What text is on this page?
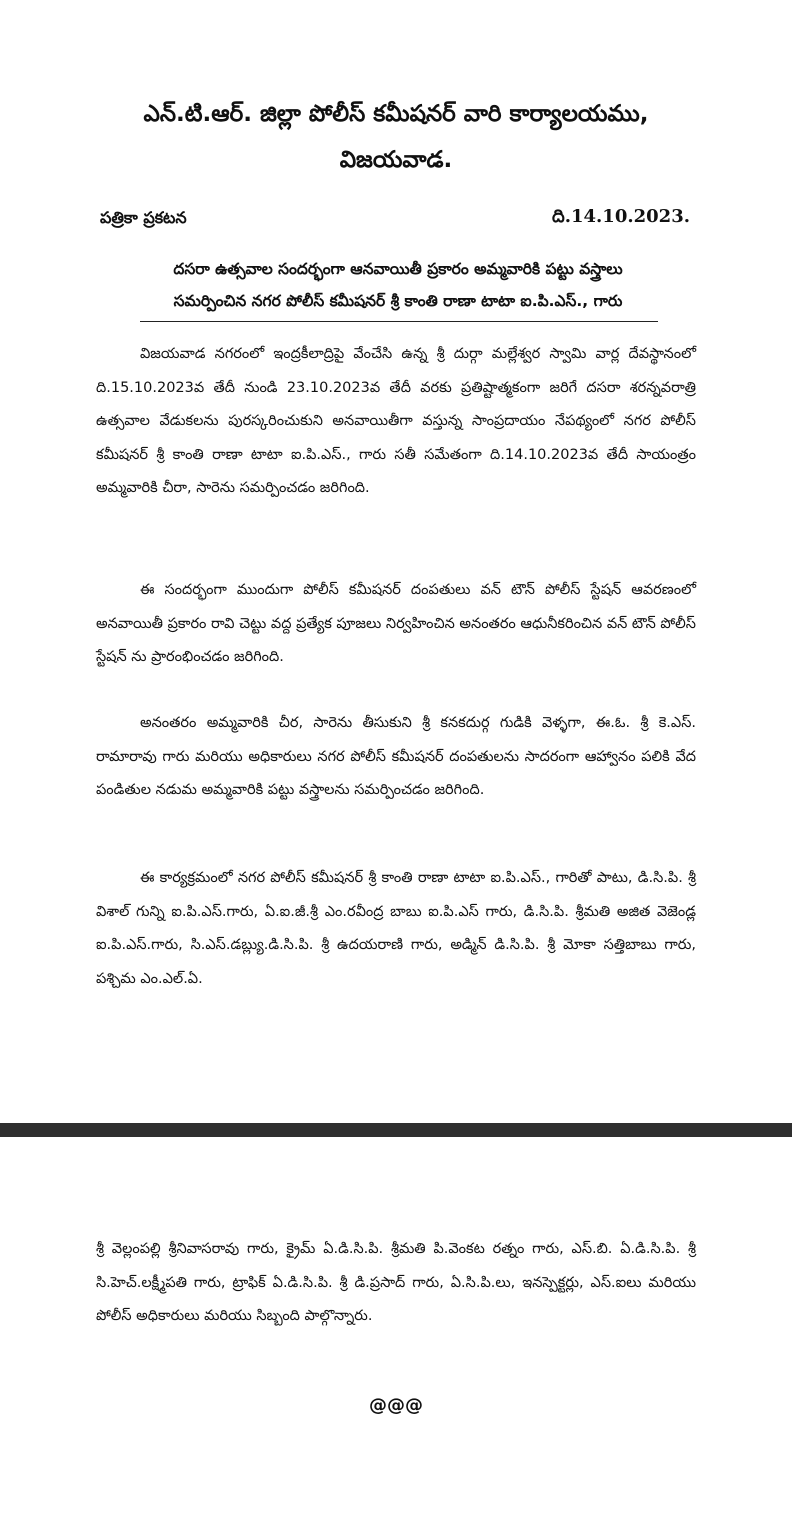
ఎన్.టి.ఆర్. జిల్లా పోలీస్ కమీషనర్ వారి కార్యాలయము,
విజయవాడ.
పత్రికా ప్రకటన	ది.14.10.2023.
దసరా ఉత్సవాల సందర్భంగా ఆనవాయితీ ప్రకారం అమ్మవారికి పట్టు వస్త్రాలు
సమర్పించిన నగర పోలీస్ కమీషనర్ శ్రీ కాంతి రాణా టాటా ఐ.పి.ఎస్., గారు

విజయవాడ నగరంలో ఇంద్రకీలాద్రిపై వేంచేసి ఉన్న శ్రీ దుర్గా మల్లేశ్వర స్వామి వార్ల దేవస్థానంలో ది.15.10.2023వ తేదీ నుండి 23.10.2023వ తేదీ వరకు ప్రతిష్టాత్మకంగా జరిగే దసరా శరన్నవరాత్రి ఉత్సవాల వేడుకలను పురస్కరించుకుని అనవాయితీగా వస్తున్న సాంప్రదాయం నేపథ్యంలో నగర పోలీస్ కమీషనర్ శ్రీ కాంతి రాణా టాటా ఐ.పి.ఎస్., గారు సతీ సమేతంగా ది.14.10.2023వ తేదీ సాయంత్రం అమ్మవారికి చీరా, సారెను సమర్పించడం జరిగింది.

ఈ సందర్భంగా ముందుగా పోలీస్ కమీషనర్ దంపతులు వన్ టౌన్ పోలీస్ స్టేషన్ ఆవరణంలో అనవాయితీ ప్రకారం రావి చెట్టు వద్ద ప్రత్యేక పూజలు నిర్వహించిన అనంతరం ఆధునీకరించిన వన్ టౌన్ పోలీస్ స్టేషన్ ను ప్రారంభించడం జరిగింది.

అనంతరం అమ్మవారికి చీర, సారెను తీసుకుని శ్రీ కనకదుర్గ గుడికి వెళ్ళగా, ఈ.ఓ. శ్రీ కె.ఎస్. రామారావు గారు మరియు అధికారులు నగర పోలీస్ కమీషనర్ దంపతులను సాదరంగా ఆహ్వానం పలికి వేద పండితుల నడుమ అమ్మవారికి పట్టు వస్త్రాలను సమర్పించడం జరిగింది.

ఈ కార్యక్రమంలో నగర పోలీస్ కమీషనర్ శ్రీ కాంతి రాణా టాటా ఐ.పి.ఎస్., గారితో పాటు, డి.సి.పి. శ్రీ విశాల్ గున్ని ఐ.పి.ఎస్.గారు, ఏ.ఐ.జీ.శ్రీ ఎం.రవీంద్ర బాబు ఐ.పి.ఎస్ గారు, డి.సి.పి. శ్రీమతి అజిత వెజెండ్ల ఐ.పి.ఎస్.గారు, సి.ఎస్.డబ్ల్యు.డి.సి.పి. శ్రీ ఉదయరాణి గారు, అడ్మిన్ డి.సి.పి. శ్రీ మోకా సత్తిబాబు గారు, పశ్చిమ ఎం.ఎల్.ఏ.

శ్రీ వెల్లంపల్లి శ్రీనివాసరావు గారు, క్రైమ్ ఏ.డి.సి.పి. శ్రీమతి పి.వెంకట రత్నం గారు, ఎస్.బి. ఏ.డి.సి.పి. శ్రీ సి.హెచ్.లక్ష్మీపతి గారు, ట్రాఫిక్ ఏ.డి.సి.పి. శ్రీ డి.ప్రసాద్ గారు, ఏ.సి.పి.లు, ఇనస్పెక్టర్లు, ఎస్.ఐలు మరియు పోలీస్ అధికారులు మరియు సిబ్బంది పాల్గొన్నారు.

@@@
